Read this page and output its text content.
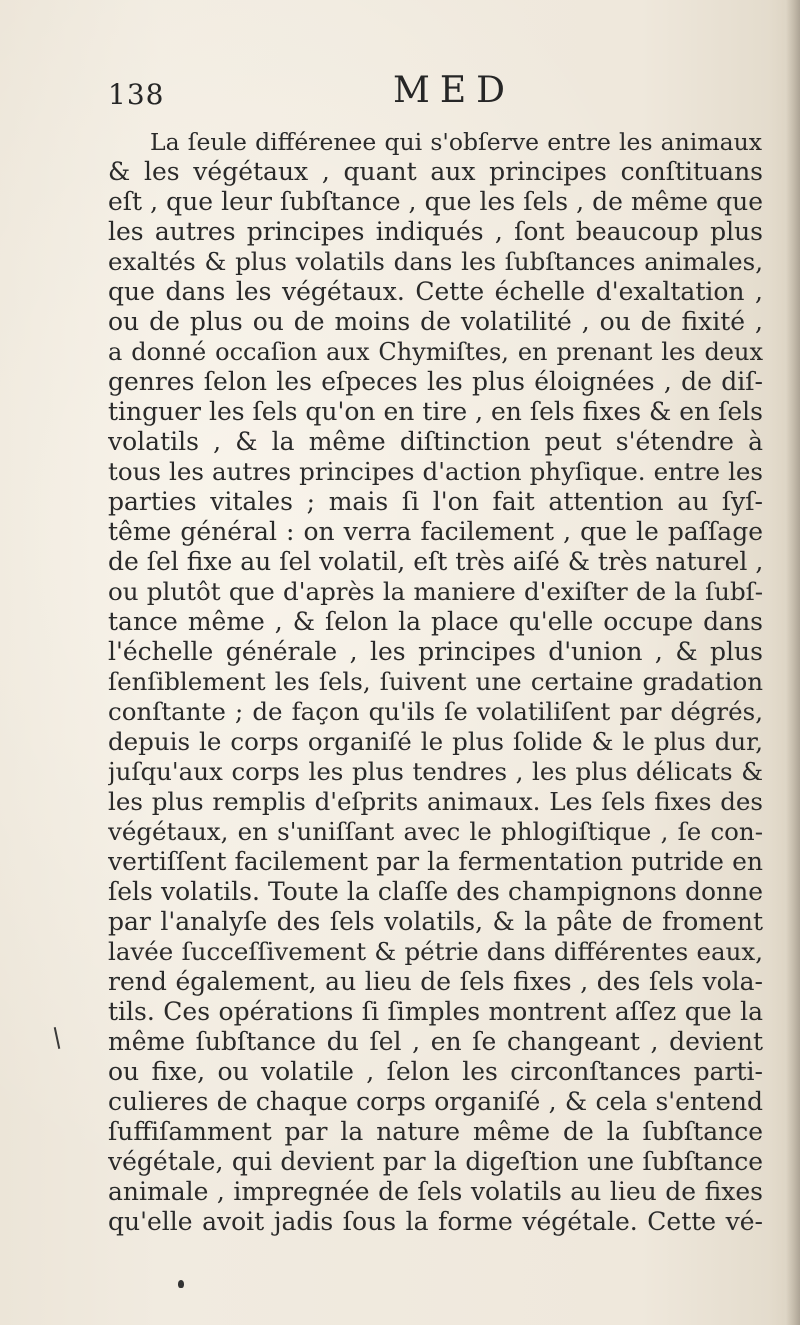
138	MED
La ſeule différenee qui s'obſerve entre les animaux
& les végétaux , quant aux principes conſtituans
eſt , que leur ſubſtance , que les ſels , de même que
les autres principes indiqués , ſont beaucoup plus
exaltés & plus volatils dans les ſubſtances animales,
que dans les végétaux. Cette échelle d'exaltation ,
ou de plus ou de moins de volatilité , ou de fixité ,
a donné occaſion aux Chymiſtes, en prenant les deux
genres ſelon les eſpeces les plus éloignées , de diſ-
tinguer les ſels qu'on en tire , en ſels fixes & en ſels
volatils , & la même diſtinction peut s'étendre à
tous les autres principes d'action phyſique. entre les
parties vitales ; mais ſi l'on fait attention au ſyſ-
tême général : on verra facilement , que le paſſage
de ſel fixe au ſel volatil, eſt très aiſé & très naturel ,
ou plutôt que d'après la maniere d'exiſter de la ſubſ-
tance même , & ſelon la place qu'elle occupe dans
l'échelle générale , les principes d'union , & plus
ſenſiblement les ſels, ſuivent une certaine gradation
conſtante ; de façon qu'ils ſe volatiliſent par dégrés,
depuis le corps organiſé le plus ſolide & le plus dur,
juſqu'aux corps les plus tendres , les plus délicats &
les plus remplis d'eſprits animaux. Les ſels fixes des
végétaux, en s'uniſſant avec le phlogiſtique , ſe con-
vertiſſent facilement par la fermentation putride en
ſels volatils. Toute la claſſe des champignons donne
par l'analyſe des ſels volatils, & la pâte de froment
lavée ſucceſſivement & pétrie dans différentes eaux,
rend également, au lieu de ſels fixes , des ſels vola-
tils. Ces opérations ſi ſimples montrent aſſez que la
même ſubſtance du ſel , en ſe changeant , devient
ou fixe, ou volatile , ſelon les circonſtances parti-
culieres de chaque corps organiſé , & cela s'entend
ſuffiſamment par la nature même de la ſubſtance
végétale, qui devient par la digeſtion une ſubſtance
animale , impregnée de ſels volatils au lieu de fixes
qu'elle avoit jadis ſous la forme végétale. Cette vé-
